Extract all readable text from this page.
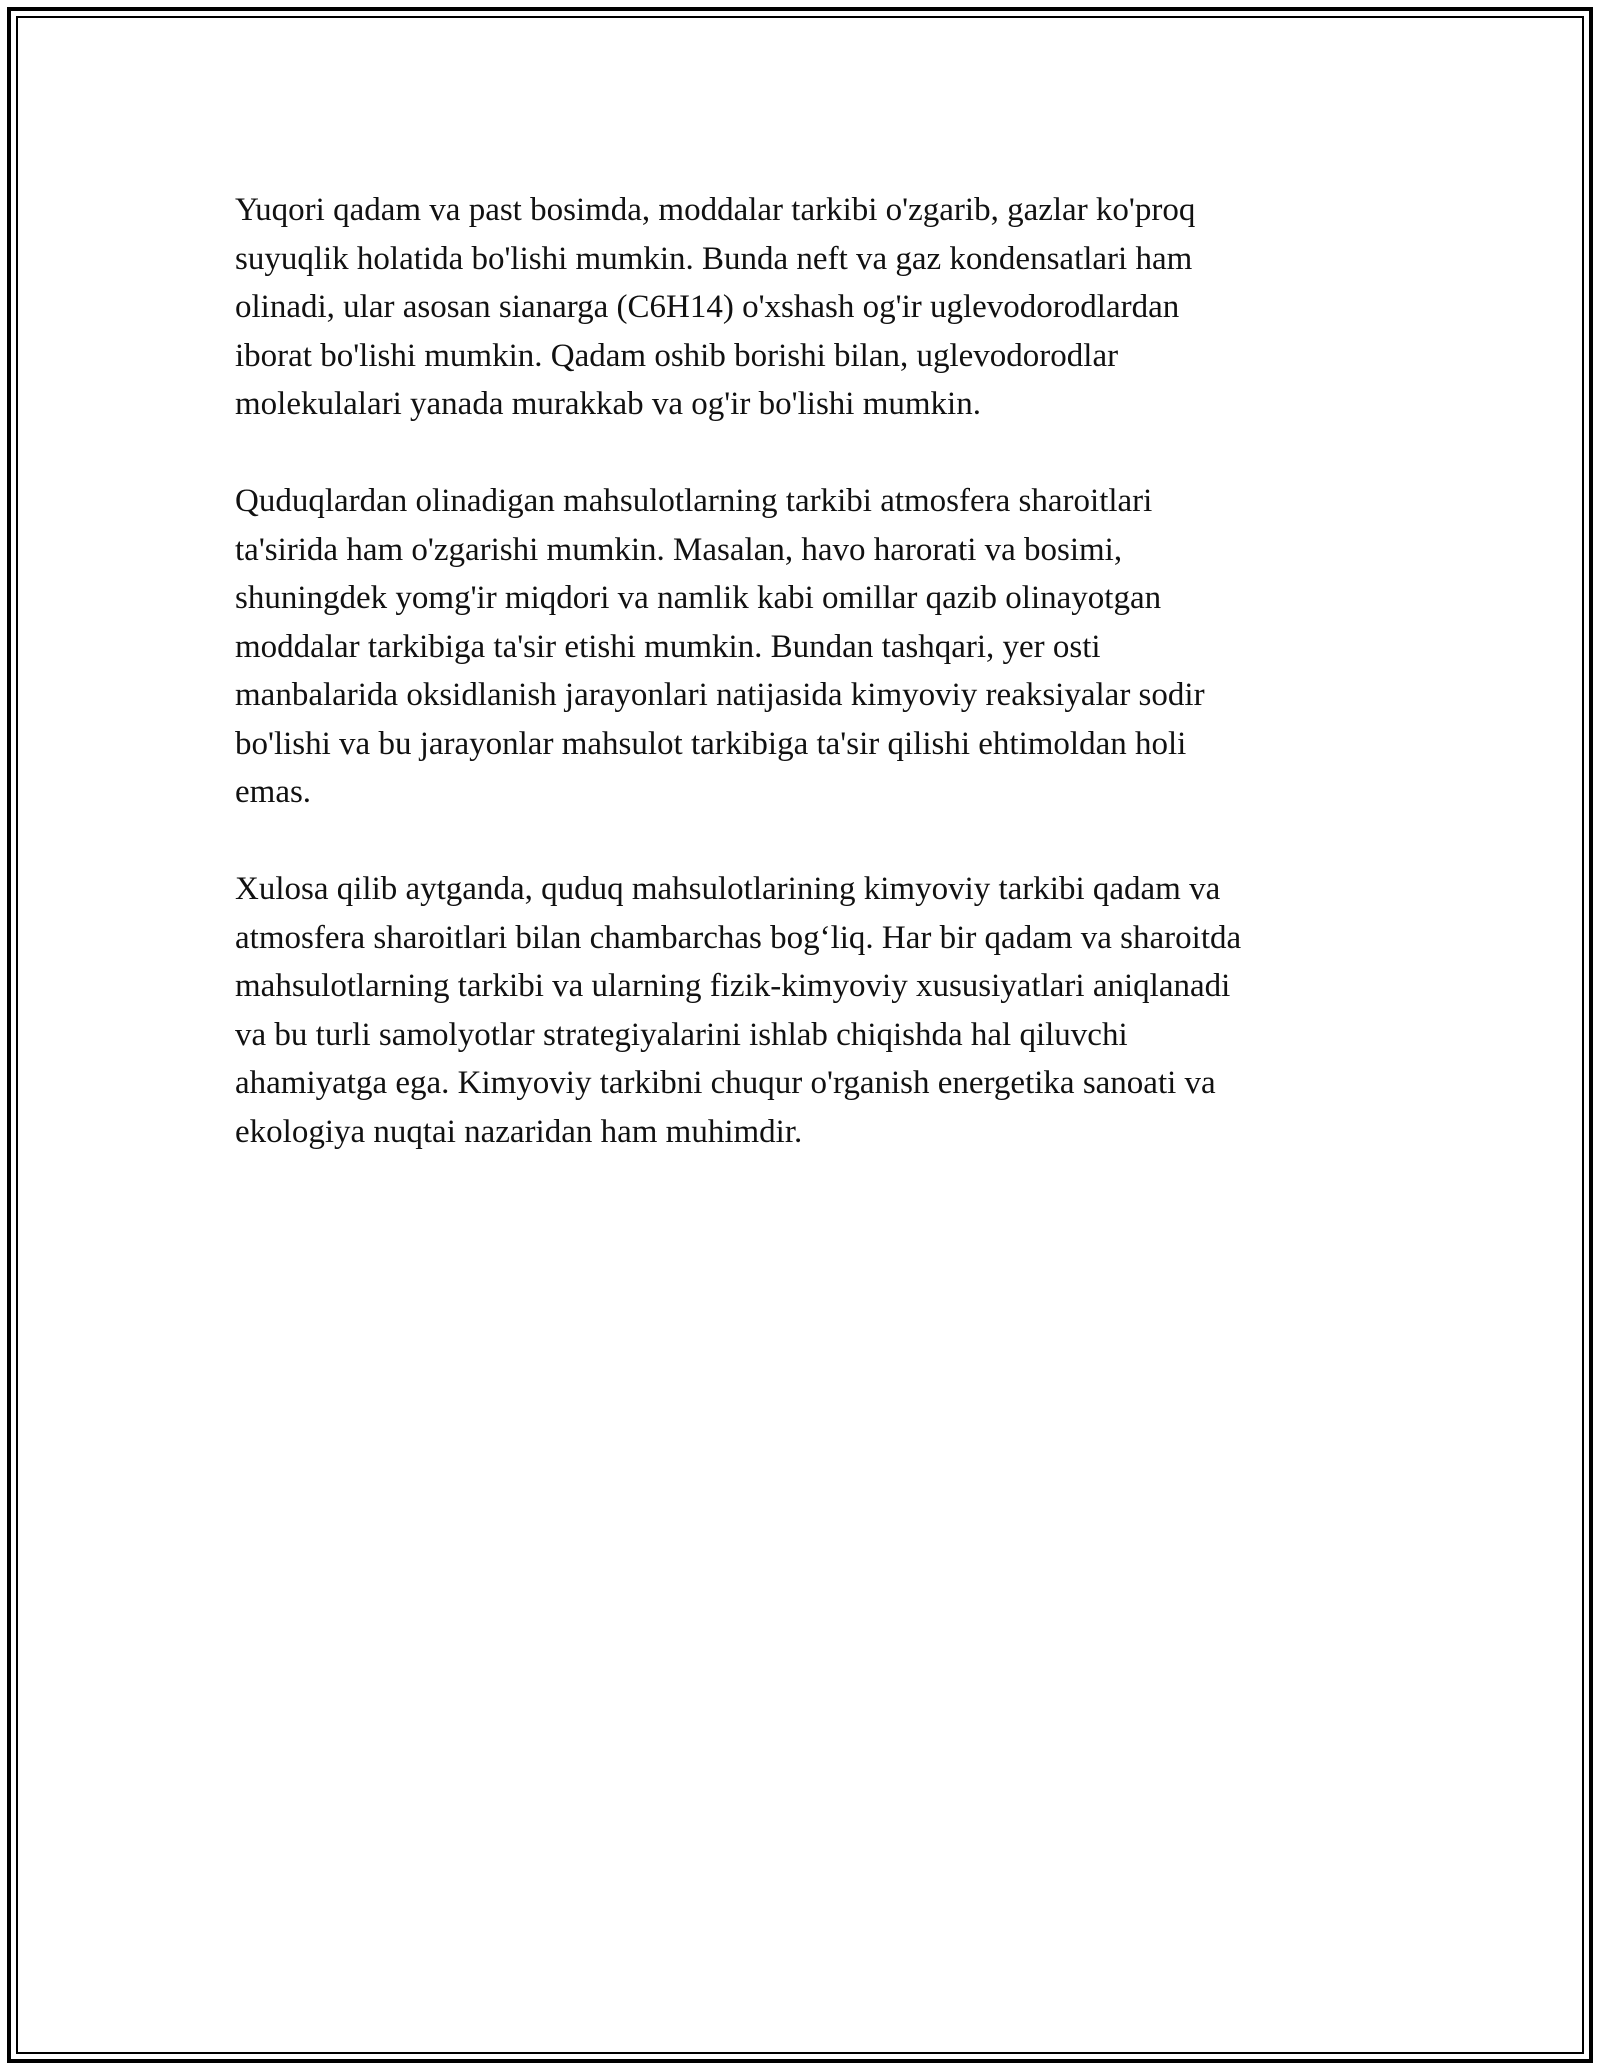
Yuqori qadam va past bosimda, moddalar tarkibi o'zgarib, gazlar ko'proq
suyuqlik holatida bo'lishi mumkin. Bunda neft va gaz kondensatlari ham
olinadi, ular asosan sianarga (C6H14) o'xshash og'ir uglevodorodlardan
iborat bo'lishi mumkin. Qadam oshib borishi bilan, uglevodorodlar
molekulalari yanada murakkab va og'ir bo'lishi mumkin.

Quduqlardan olinadigan mahsulotlarning tarkibi atmosfera sharoitlari
ta'sirida ham o'zgarishi mumkin. Masalan, havo harorati va bosimi,
shuningdek yomg'ir miqdori va namlik kabi omillar qazib olinayotgan
moddalar tarkibiga ta'sir etishi mumkin. Bundan tashqari, yer osti
manbalarida oksidlanish jarayonlari natijasida kimyoviy reaksiyalar sodir
bo'lishi va bu jarayonlar mahsulot tarkibiga ta'sir qilishi ehtimoldan holi
emas.

Xulosa qilib aytganda, quduq mahsulotlarining kimyoviy tarkibi qadam va
atmosfera sharoitlari bilan chambarchas bog‘liq. Har bir qadam va sharoitda
mahsulotlarning tarkibi va ularning fizik-kimyoviy xususiyatlari aniqlanadi
va bu turli samolyotlar strategiyalarini ishlab chiqishda hal qiluvchi
ahamiyatga ega. Kimyoviy tarkibni chuqur o'rganish energetika sanoati va
ekologiya nuqtai nazaridan ham muhimdir.
